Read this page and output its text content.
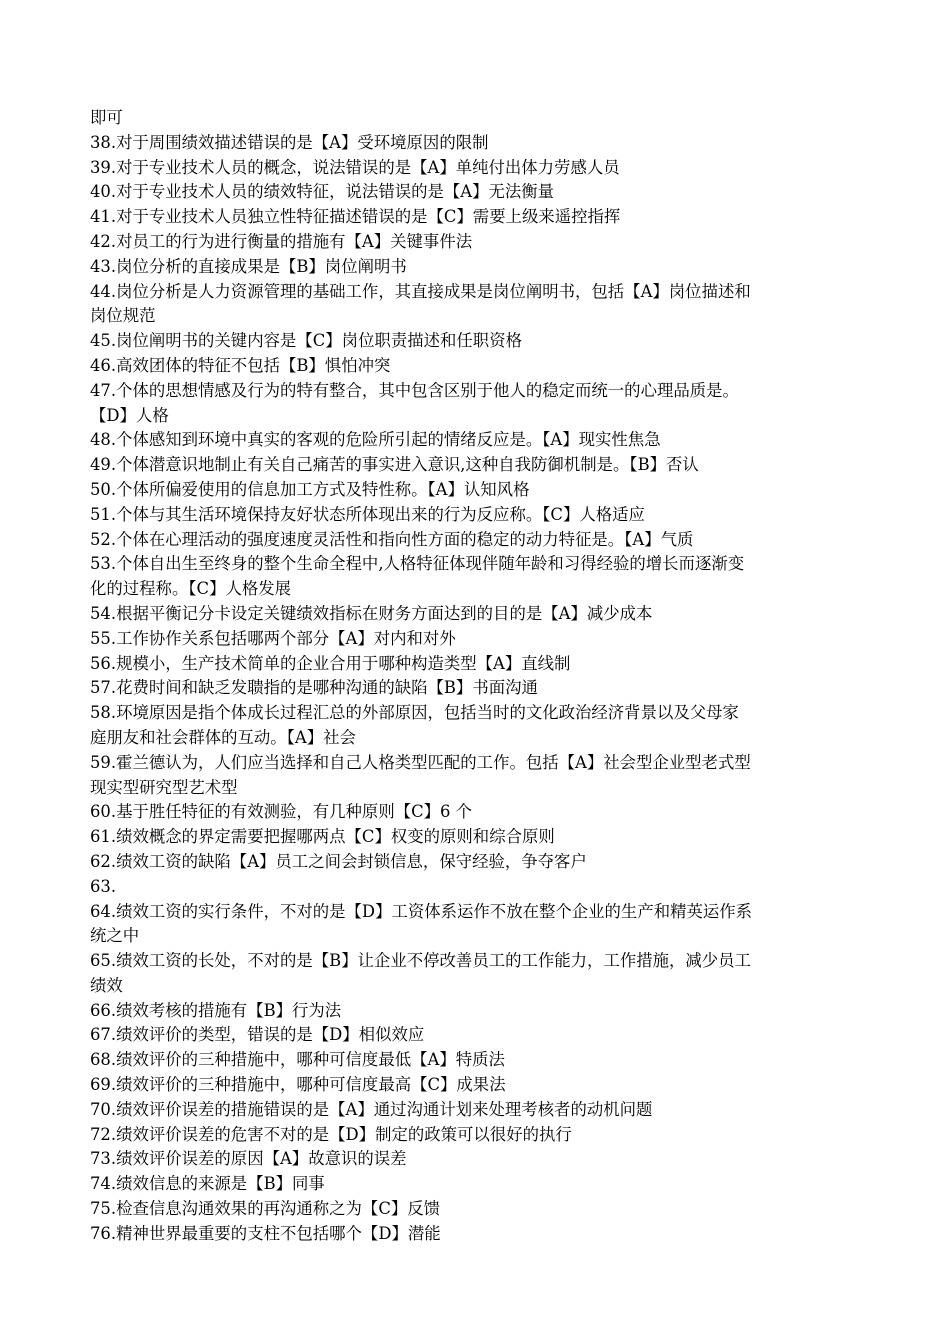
即可

38.对于周围绩效描述错误的是【A】受环境原因的限制

39.对于专业技术人员的概念，说法错误的是【A】单纯付出体力劳感人员

40.对于专业技术人员的绩效特征，说法错误的是【A】无法衡量

41.对于专业技术人员独立性特征描述错误的是【C】需要上级来遥控指挥

42.对员工的行为进行衡量的措施有【A】关键事件法

43.岗位分析的直接成果是【B】岗位阐明书

44.岗位分析是人力资源管理的基础工作，其直接成果是岗位阐明书，包括【A】岗位描述和

岗位规范

45.岗位阐明书的关键内容是【C】岗位职责描述和任职资格

46.高效团体的特征不包括【B】惧怕冲突

47.个体的思想情感及行为的特有整合，其中包含区别于他人的稳定而统一的心理品质是。

【D】人格

48.个体感知到环境中真实的客观的危险所引起的情绪反应是。【A】现实性焦急

49.个体潜意识地制止有关自己痛苦的事实进入意识,这种自我防御机制是。【B】否认

50.个体所偏爱使用的信息加工方式及特性称。【A】认知风格

51.个体与其生活环境保持友好状态所体现出来的行为反应称。【C】人格适应

52.个体在心理活动的强度速度灵活性和指向性方面的稳定的动力特征是。【A】气质

53.个体自出生至终身的整个生命全程中,人格特征体现伴随年龄和习得经验的增长而逐渐变

化的过程称。【C】人格发展

54.根据平衡记分卡设定关键绩效指标在财务方面达到的目的是【A】减少成本

55.工作协作关系包括哪两个部分【A】对内和对外

56.规模小，生产技术简单的企业合用于哪种构造类型【A】直线制

57.花费时间和缺乏发聩指的是哪种沟通的缺陷【B】书面沟通

58.环境原因是指个体成长过程汇总的外部原因，包括当时的文化政治经济背景以及父母家

庭朋友和社会群体的互动。【A】社会

59.霍兰德认为，人们应当选择和自己人格类型匹配的工作。包括【A】社会型企业型老式型

现实型研究型艺术型

60.基于胜任特征的有效测验，有几种原则【C】6 个

61.绩效概念的界定需要把握哪两点【C】权变的原则和综合原则

62.绩效工资的缺陷【A】员工之间会封锁信息，保守经验，争夺客户

63.

64.绩效工资的实行条件，不对的是【D】工资体系运作不放在整个企业的生产和精英运作系

统之中

65.绩效工资的长处，不对的是【B】让企业不停改善员工的工作能力，工作措施，减少员工

绩效

66.绩效考核的措施有【B】行为法

67.绩效评价的类型，错误的是【D】相似效应

68.绩效评价的三种措施中，哪种可信度最低【A】特质法

69.绩效评价的三种措施中，哪种可信度最高【C】成果法

70.绩效评价误差的措施错误的是【A】通过沟通计划来处理考核者的动机问题

72.绩效评价误差的危害不对的是【D】制定的政策可以很好的执行

73.绩效评价误差的原因【A】故意识的误差

74.绩效信息的来源是【B】同事

75.检查信息沟通效果的再沟通称之为【C】反馈

76.精神世界最重要的支柱不包括哪个【D】潜能
